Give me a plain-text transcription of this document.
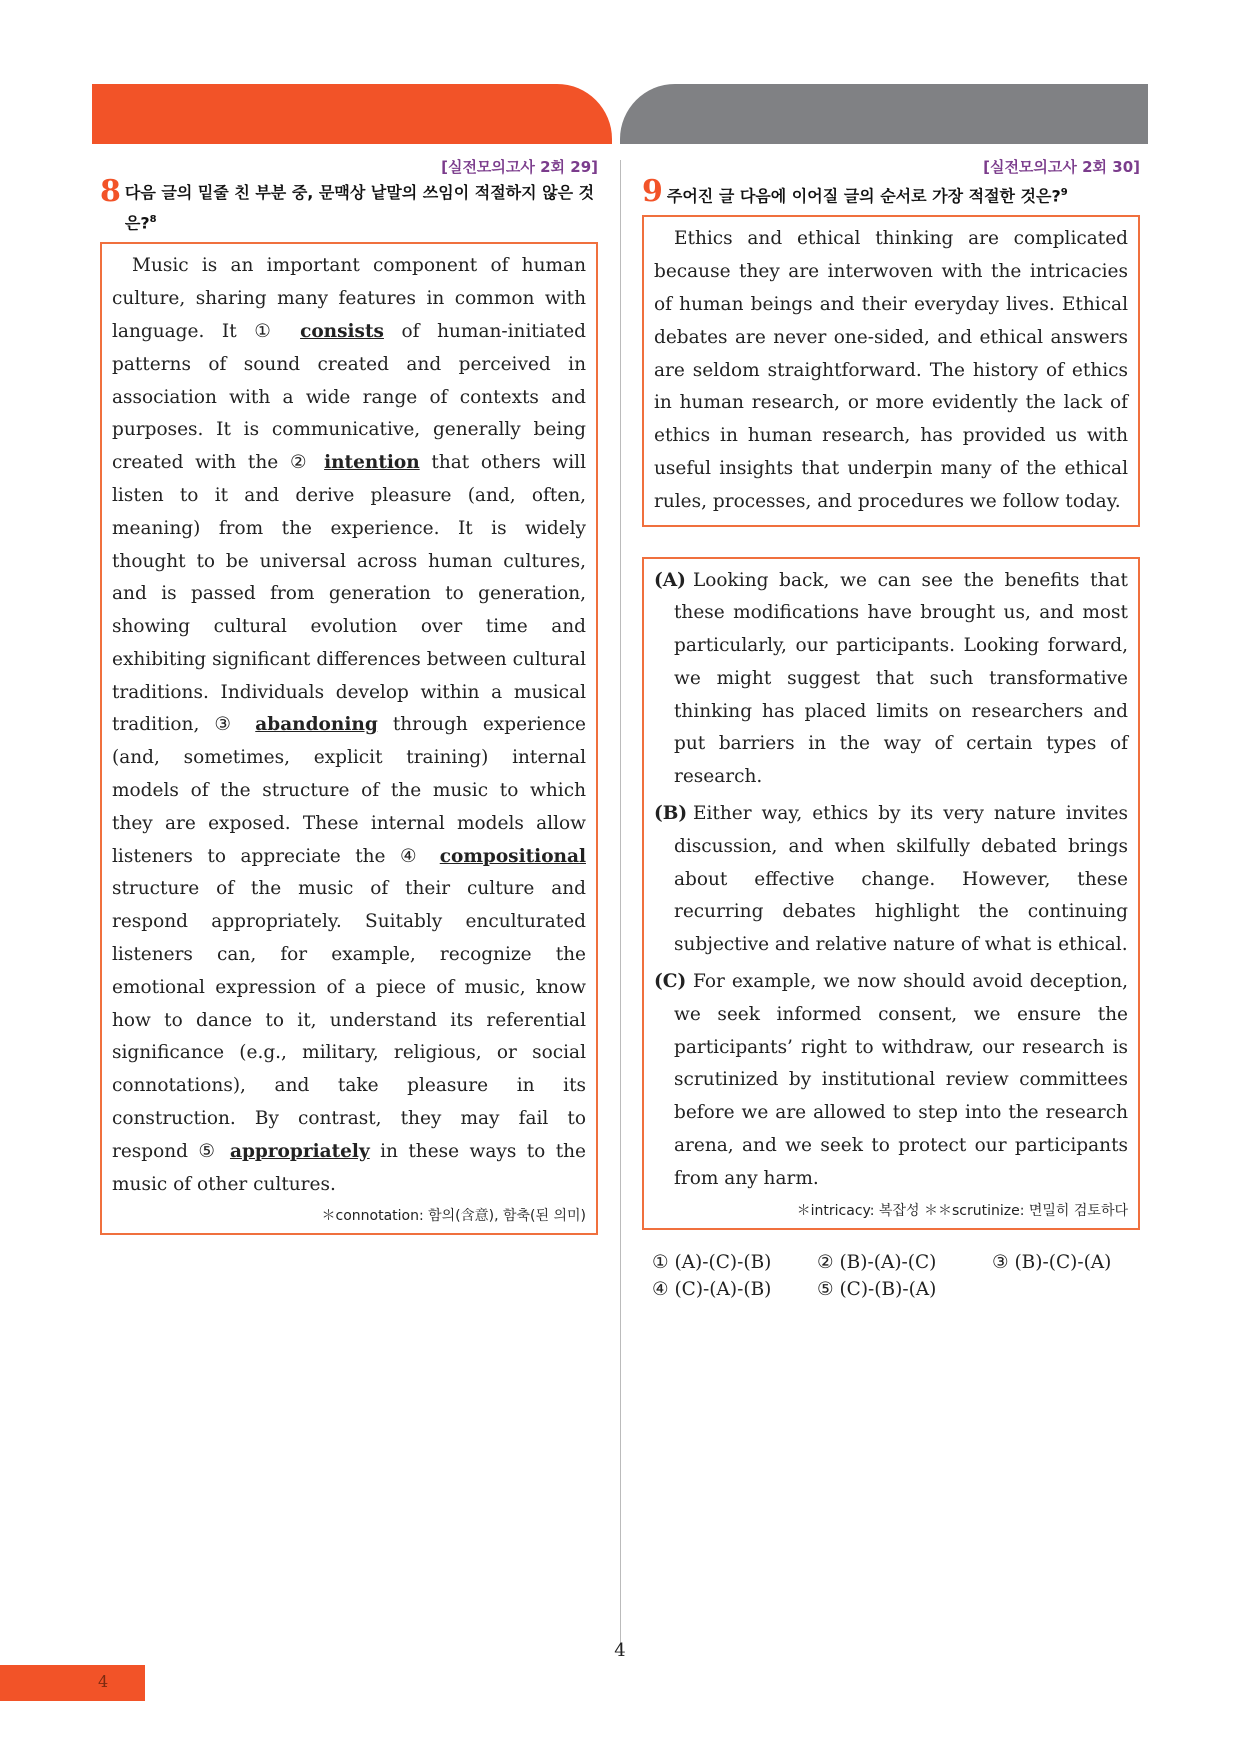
[실전모의고사 2회 29]
8 다음 글의 밑줄 친 부분 중, 문맥상 낱말의 쓰임이 적절하지 않은 것은?$^8$

Music is an important component of human culture, sharing many features in common with language. It ① consists of human-initiated patterns of sound created and perceived in association with a wide range of contexts and purposes. It is communicative, generally being created with the ② intention that others will listen to it and derive pleasure (and, often, meaning) from the experience. It is widely thought to be universal across human cultures, and is passed from generation to generation, showing cultural evolution over time and exhibiting significant differences between cultural traditions. Individuals develop within a musical tradition, ③ abandoning through experience (and, sometimes, explicit training) internal models of the structure of the music to which they are exposed. These internal models allow listeners to appreciate the ④ compositional structure of the music of their culture and respond appropriately. Suitably enculturated listeners can, for example, recognize the emotional expression of a piece of music, know how to dance to it, understand its referential significance (e.g., military, religious, or social connotations), and take pleasure in its construction. By contrast, they may fail to respond ⑤ appropriately in these ways to the music of other cultures.

＊connotation: 함의(含意), 함축(된 의미)
[실전모의고사 2회 30]
9 주어진 글 다음에 이어질 글의 순서로 가장 적절한 것은?$^9$

Ethics and ethical thinking are complicated because they are interwoven with the intricacies of human beings and their everyday lives. Ethical debates are never one-sided, and ethical answers are seldom straightforward. The history of ethics in human research, or more evidently the lack of ethics in human research, has provided us with useful insights that underpin many of the ethical rules, processes, and procedures we follow today.

(A) Looking back, we can see the benefits that these modifications have brought us, and most particularly, our participants. Looking forward, we might suggest that such transformative thinking has placed limits on researchers and put barriers in the way of certain types of research.
(B) Either way, ethics by its very nature invites discussion, and when skilfully debated brings about effective change. However, these recurring debates highlight the continuing subjective and relative nature of what is ethical.
(C) For example, we now should avoid deception, we seek informed consent, we ensure the participants’ right to withdraw, our research is scrutinized by institutional review committees before we are allowed to step into the research arena, and we seek to protect our participants from any harm.
＊intricacy: 복잡성 ＊＊scrutinize: 면밀히 검토하다
① (A)-(C)-(B)	② (B)-(A)-(C)	③ (B)-(C)-(A)
④ (C)-(A)-(B)	⑤ (C)-(B)-(A)
4
4
